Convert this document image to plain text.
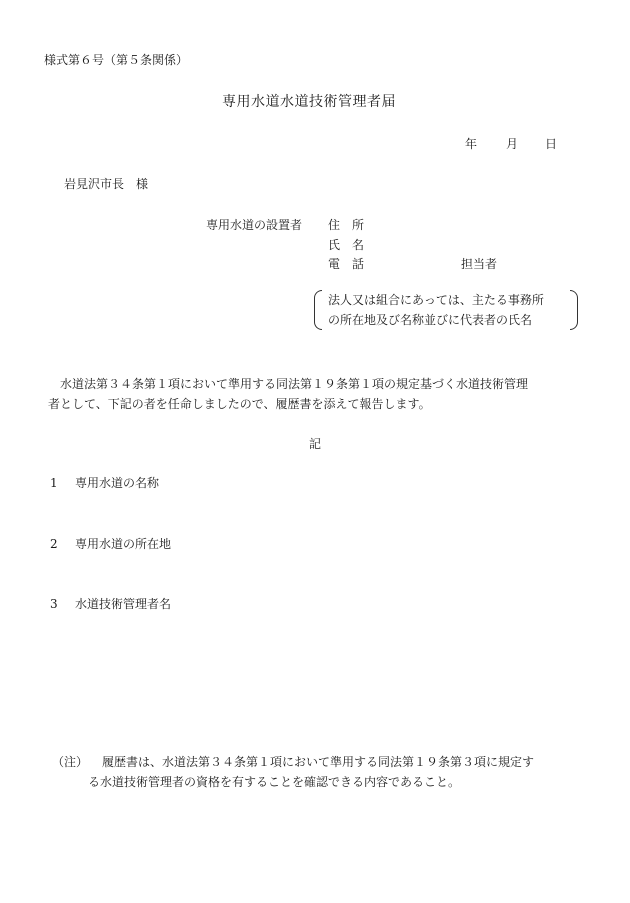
様式第６号（第５条関係）
専用水道水道技術管理者届
年 月 日
岩見沢市長　様
専用水道の設置者 住　所
氏　名
電　話	担当者
法人又は組合にあっては、主たる事務所
の所在地及び名称並びに代表者の氏名
水道法第３４条第１項において準用する同法第１９条第１項の規定基づく水道技術管理
者として、下記の者を任命しましたので、履歴書を添えて報告します。
記
1 専用水道の名称
2 専用水道の所在地
3 水道技術管理者名
（注） 履歴書は、水道法第３４条第１項において準用する同法第１９条第３項に規定す
る水道技術管理者の資格を有することを確認できる内容であること。
